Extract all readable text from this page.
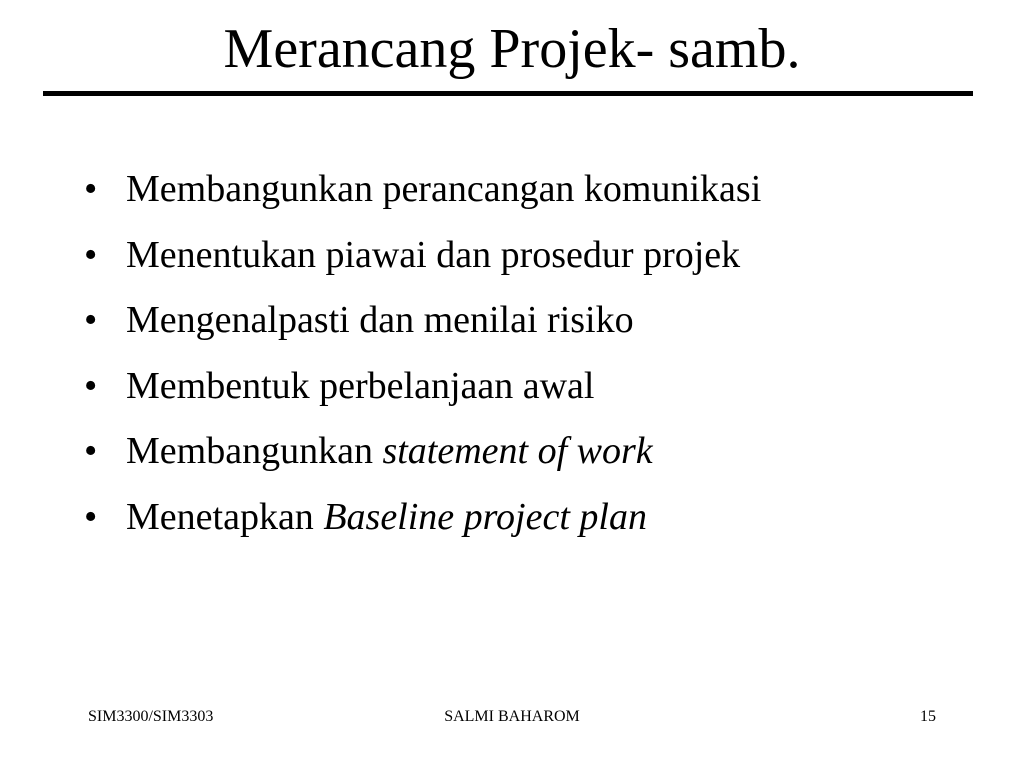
Merancang Projek- samb.
• Membangunkan perancangan komunikasi
• Menentukan piawai dan prosedur projek
• Mengenalpasti dan menilai risiko
• Membentuk perbelanjaan awal
• Membangunkan statement of work
• Menetapkan Baseline project plan
SIM3300/SIM3303	SALMI BAHAROM	15
